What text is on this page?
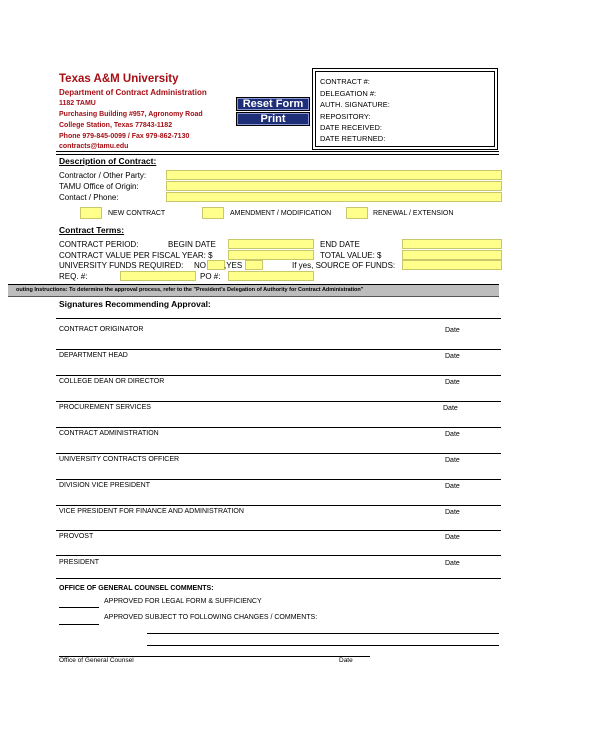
Texas A&M University
Department of Contract Administration
1182 TAMU
Purchasing Building #957, Agronomy Road
College Station, Texas 77843-1182
Phone 979-845-0099 / Fax 979-862-7130
contracts@tamu.edu
Reset Form
Print
CONTRACT #:
DELEGATION #:
AUTH. SIGNATURE:
REPOSITORY:
DATE RECEIVED:
DATE RETURNED:
Description of Contract:
Contractor / Other Party:
TAMU Office of Origin:
Contact / Phone:
NEW CONTRACT	AMENDMENT / MODIFICATION	RENEWAL / EXTENSION
Contract Terms:
CONTRACT PERIOD:	BEGIN DATE	END DATE
CONTRACT VALUE PER FISCAL YEAR: $	TOTAL VALUE: $
UNIVERSITY FUNDS REQUIRED: NO ,YES	If yes, SOURCE OF FUNDS:
REQ. #:	PO #:
outing Instructions: To determine the approval process, refer to the "President's Delegation of Authority for Contract Administration"
Signatures Recommending Approval:
CONTRACT ORIGINATOR	Date
DEPARTMENT HEAD	Date
COLLEGE DEAN OR DIRECTOR	Date
PROCUREMENT SERVICES	Date
CONTRACT ADMINISTRATION	Date
UNIVERSITY CONTRACTS OFFICER	Date
DIVISION VICE PRESIDENT	Date
VICE PRESIDENT FOR FINANCE AND ADMINISTRATION	Date
PROVOST	Date
PRESIDENT	Date
OFFICE OF GENERAL COUNSEL COMMENTS:
APPROVED FOR LEGAL FORM & SUFFICIENCY
APPROVED SUBJECT TO FOLLOWING CHANGES / COMMENTS:
Office of General Counsel	Date
